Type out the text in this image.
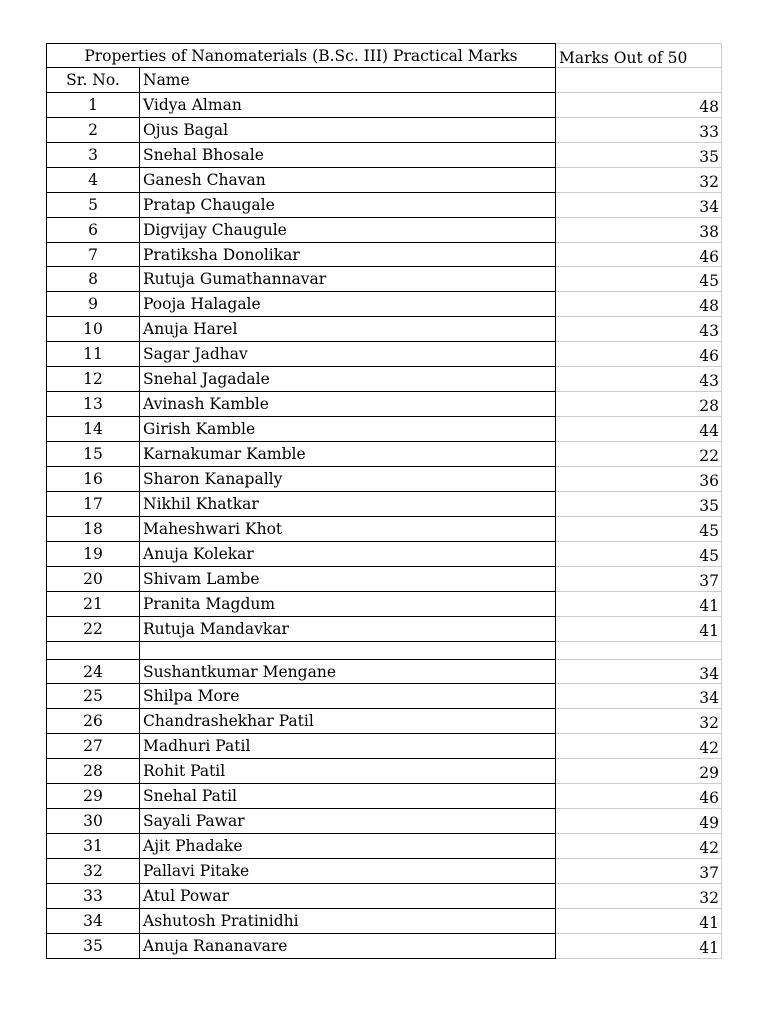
Properties of Nanomaterials (B.Sc. III) Practical Marks	Marks Out of 50
Sr. No.	Name
1	Vidya Alman	48
2	Ojus Bagal	33
3	Snehal Bhosale	35
4	Ganesh Chavan	32
5	Pratap Chaugale	34
6	Digvijay Chaugule	38
7	Pratiksha Donolikar	46
8	Rutuja Gumathannavar	45
9	Pooja Halagale	48
10	Anuja Harel	43
11	Sagar Jadhav	46
12	Snehal Jagadale	43
13	Avinash Kamble	28
14	Girish Kamble	44
15	Karnakumar Kamble	22
16	Sharon Kanapally	36
17	Nikhil Khatkar	35
18	Maheshwari Khot	45
19	Anuja Kolekar	45
20	Shivam Lambe	37
21	Pranita Magdum	41
22	Rutuja Mandavkar	41
24	Sushantkumar Mengane	34
25	Shilpa More	34
26	Chandrashekhar Patil	32
27	Madhuri Patil	42
28	Rohit Patil	29
29	Snehal Patil	46
30	Sayali Pawar	49
31	Ajit Phadake	42
32	Pallavi Pitake	37
33	Atul Powar	32
34	Ashutosh Pratinidhi	41
35	Anuja Rananavare	41
